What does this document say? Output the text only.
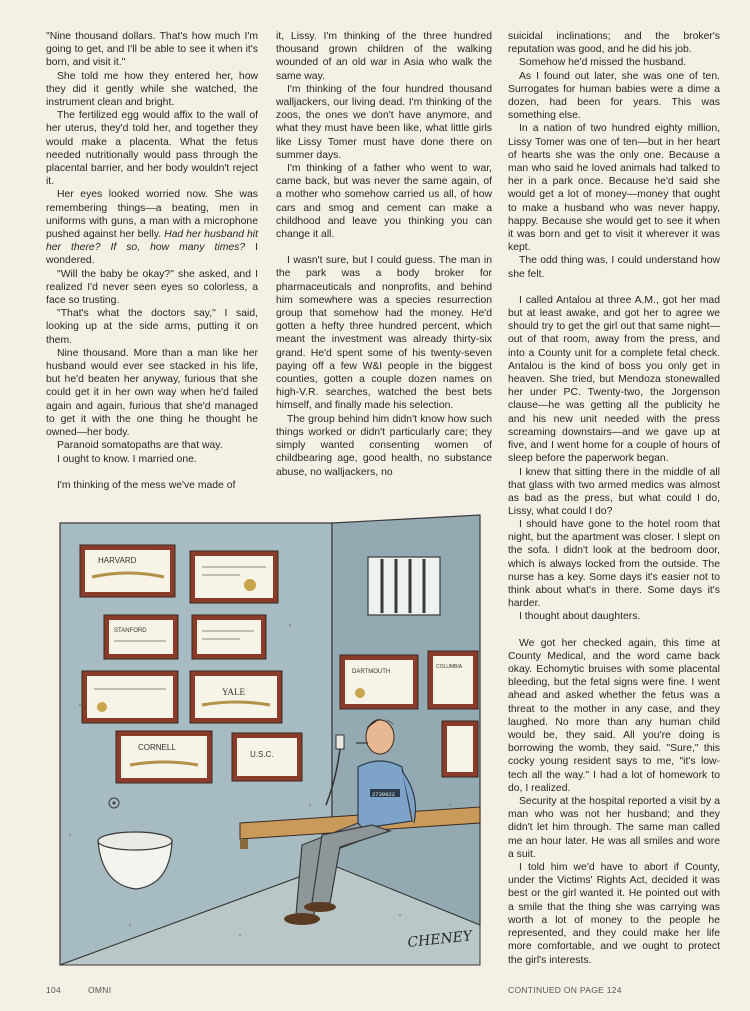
"Nine thousand dollars. That's how much I'm going to get, and I'll be able to see it when it's born, and visit it."

She told me how they entered her, how they did it gently while she watched, the instrument clean and bright.

The fertilized egg would affix to the wall of her uterus, they'd told her, and together they would make a placenta. What the fetus needed nutritionally would pass through the placental barrier, and her body wouldn't reject it.

Her eyes looked worried now. She was remembering things—a beating, men in uniforms with guns, a man with a microphone pushed against her belly. Had her husband hit her there? If so, how many times? I wondered.

"Will the baby be okay?" she asked, and I realized I'd never seen eyes so colorless, a face so trusting.

"That's what the doctors say," I said, looking up at the side arms, putting it on them.

Nine thousand. More than a man like her husband would ever see stacked in his life, but he'd beaten her anyway, furious that she could get it in her own way when he'd failed again and again, furious that she'd managed to get it with the one thing he thought he owned—her body.

Paranoid somatopaths are that way.

I ought to know. I married one.

I'm thinking of the mess we've made of

it, Lissy. I'm thinking of the three hundred thousand grown children of the walking wounded of an old war in Asia who walk the same way.

I'm thinking of the four hundred thousand walljackers, our living dead. I'm thinking of the zoos, the ones we don't have anymore, and what they must have been like, what little girls like Lissy Tomer must have done there on summer days.

I'm thinking of a father who went to war, came back, but was never the same again, of a mother who somehow carried us all, of how cars and smog and cement can make a childhood and leave you thinking you can change it all.

I wasn't sure, but I could guess. The man in the park was a body broker for pharmaceuticals and nonprofits, and behind him somewhere was a species resurrection group that somehow had the money. He'd gotten a hefty three hundred percent, which meant the investment was already thirty-six grand. He'd spent some of his twenty-seven paying off a few W&I people in the biggest counties, gotten a couple dozen names on high-V.R. searches, watched the best bets himself, and finally made his selection.

The group behind him didn't know how such things worked or didn't particularly care; they simply wanted consenting women of childbearing age, good health, no substance abuse, no walljackers, no

suicidal inclinations; and the broker's reputation was good, and he did his job.

Somehow he'd missed the husband.

As I found out later, she was one of ten. Surrogates for human babies were a dime a dozen, had been for years. This was something else.

In a nation of two hundred eighty million, Lissy Tomer was one of ten—but in her heart of hearts she was the only one. Because a man who said he loved animals had talked to her in a park once. Because he'd said she would get a lot of money—money that ought to make a husband who was never happy, happy. Because she would get to see it when it was born and get to visit it wherever it was kept.

The odd thing was, I could understand how she felt.

I called Antalou at three A.M., got her mad but at least awake, and got her to agree we should try to get the girl out that same night—out of that room, away from the press, and into a County unit for a complete fetal check. Antalou is the kind of boss you only get in heaven. She tried, but Mendoza stonewalled her under PC. Twenty-two, the Jorgenson clause—he was getting all the publicity he and his new unit needed with the press screaming downstairs—and we gave up at five, and I went home for a couple of hours of sleep before the paperwork began.

I knew that sitting there in the middle of all that glass with two armed medics was almost as bad as the press, but what could I do, Lissy, what could I do?

I should have gone to the hotel room that night, but the apartment was closer. I slept on the sofa. I didn't look at the bedroom door, which is always locked from the outside. The nurse has a key. Some days it's easier not to think about what's in there. Some days it's harder.

I thought about daughters.

We got her checked again, this time at County Medical, and the word came back okay. Echomytic bruises with some placental bleeding, but the fetal signs were fine. I went ahead and asked whether the fetus was a threat to the mother in any case, and they laughed. No more than any human child would be, they said. All you're doing is borrowing the womb, they said. "Sure," this cocky young resident says to me, "it's low-tech all the way." I had a lot of homework to do, I realized.

Security at the hospital reported a visit by a man who was not her husband; and they didn't let him through. The same man called me an hour later. He was all smiles and wore a suit.

I told him we'd have to abort if County, under the Victims' Rights Act, decided it was best or the girl wanted it. He pointed out with a smile that the thing she was carrying was worth a lot of money to the people he represented, and they could make her life more comfortable, and we ought to protect the girl's interests.

HARVARD
STANFORD
YALE
CORNELL
U.S.C.
DARTMOUTH
COLUMBIA
2739022
CHENEY
104	OMNI	CONTINUED ON PAGE 124
